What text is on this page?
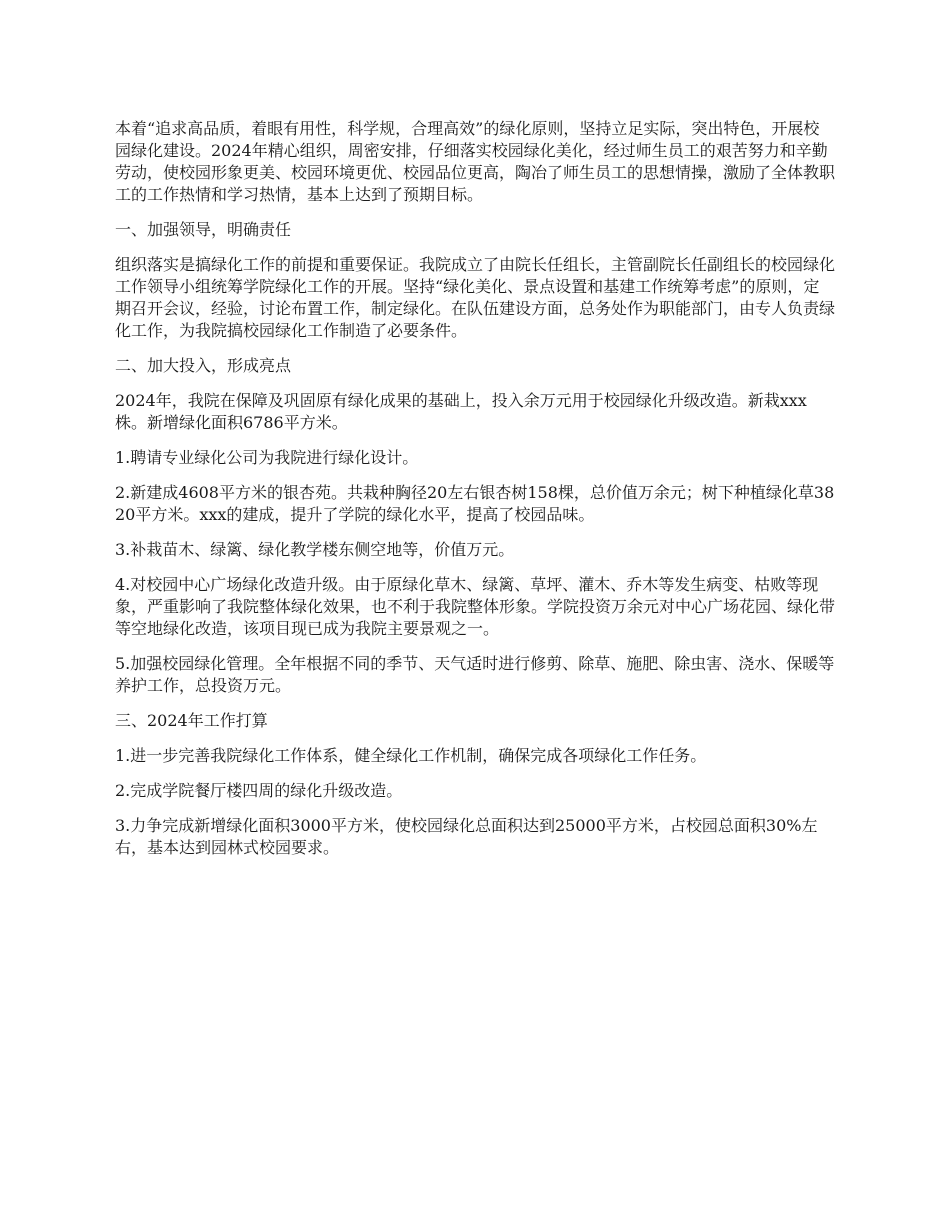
本着“追求高品质，着眼有用性，科学规，合理高效”的绿化原则，坚持立足实际，突出特色，开展校园绿化建设。2024年精心组织，周密安排，仔细落实校园绿化美化，经过师生员工的艰苦努力和辛勤劳动，使校园形象更美、校园环境更优、校园品位更高，陶冶了师生员工的思想情操，激励了全体教职工的工作热情和学习热情，基本上达到了预期目标。

一、加强领导，明确责任

组织落实是搞绿化工作的前提和重要保证。我院成立了由院长任组长，主管副院长任副组长的校园绿化工作领导小组统筹学院绿化工作的开展。坚持“绿化美化、景点设置和基建工作统筹考虑”的原则，定期召开会议，经验，讨论布置工作，制定绿化。在队伍建设方面，总务处作为职能部门，由专人负责绿化工作，为我院搞校园绿化工作制造了必要条件。

二、加大投入，形成亮点

2024年，我院在保障及巩固原有绿化成果的基础上，投入余万元用于校园绿化升级改造。新栽xxx株。新增绿化面积6786平方米。

1.聘请专业绿化公司为我院进行绿化设计。

2.新建成4608平方米的银杏苑。共栽种胸径20左右银杏树158棵，总价值万余元；树下种植绿化草3820平方米。xxx的建成，提升了学院的绿化水平，提高了校园品味。

3.补栽苗木、绿篱、绿化教学楼东侧空地等，价值万元。

4.对校园中心广场绿化改造升级。由于原绿化草木、绿篱、草坪、灌木、乔木等发生病变、枯败等现象，严重影响了我院整体绿化效果，也不利于我院整体形象。学院投资万余元对中心广场花园、绿化带等空地绿化改造，该项目现已成为我院主要景观之一。

5.加强校园绿化管理。全年根据不同的季节、天气适时进行修剪、除草、施肥、除虫害、浇水、保暖等养护工作，总投资万元。

三、2024年工作打算

1.进一步完善我院绿化工作体系，健全绿化工作机制，确保完成各项绿化工作任务。

2.完成学院餐厅楼四周的绿化升级改造。

3.力争完成新增绿化面积3000平方米，使校园绿化总面积达到25000平方米，占校园总面积30%左右，基本达到园林式校园要求。
